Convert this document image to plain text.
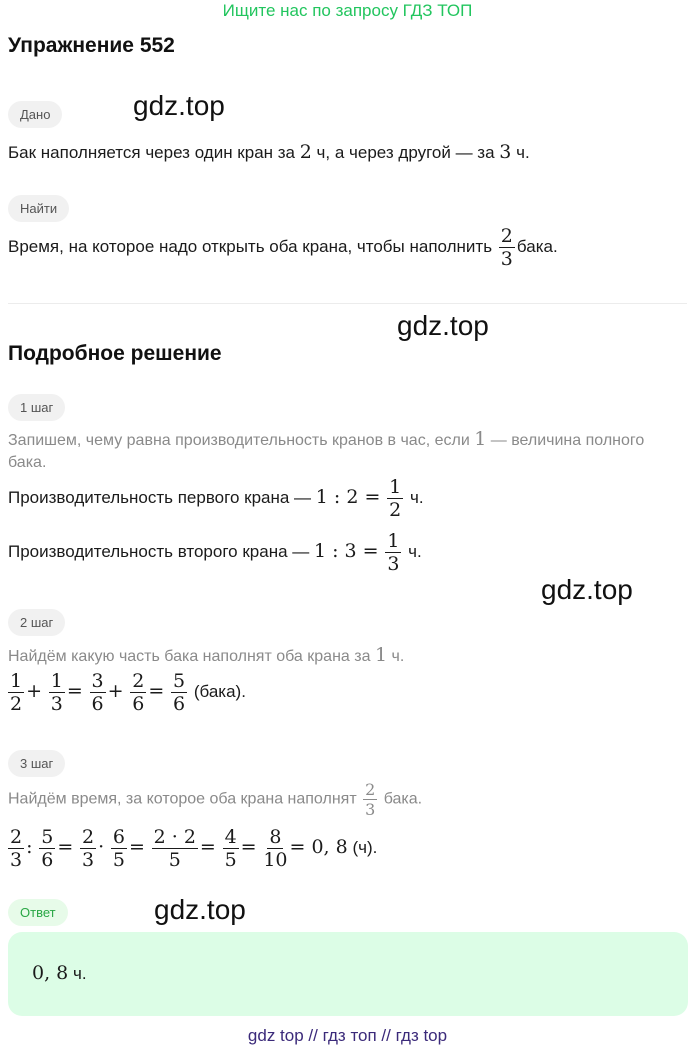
Ищите нас по запросу ГДЗ ТОП
Упражнение 552
Дано	gdz.top
Бак наполняется через один кран за 2 ч, а через другой — за 3 ч.
Найти
Время, на которое надо открыть оба крана, чтобы наполнить $\frac{2}{3}$ бака.
gdz.top
Подробное решение
1 шаг
Запишем, чему равна производительность кранов в час, если 1 — величина полного бака.
Производительность первого крана — 1 : $2 = \frac{1}{2} ч$.
Производительность второго крана — 1 : $3 = \frac{1}{3} ч$.
gdz.top
2 шаг
Найдём какую часть бака наполнят оба крана за 1 ч.
$\frac{1}{2} + \frac{1}{3} = \frac{3}{6} + \frac{2}{6} = \frac{5}{6}$ (бака).
3 шаг
Найдём время, за которое оба крана наполнят $\frac{2}{3}$ бака.
$\frac{2}{3}$ : $\frac{5}{6} = \frac{2}{3} \cdot \frac{6}{5} = \frac{2 \cdot 2}{5} = \frac{4}{5} = \frac{8}{10} = 0$, 8 (ч).
Ответ	gdz.top
0, 8 ч.
gdz top // гдз топ // гдз top
